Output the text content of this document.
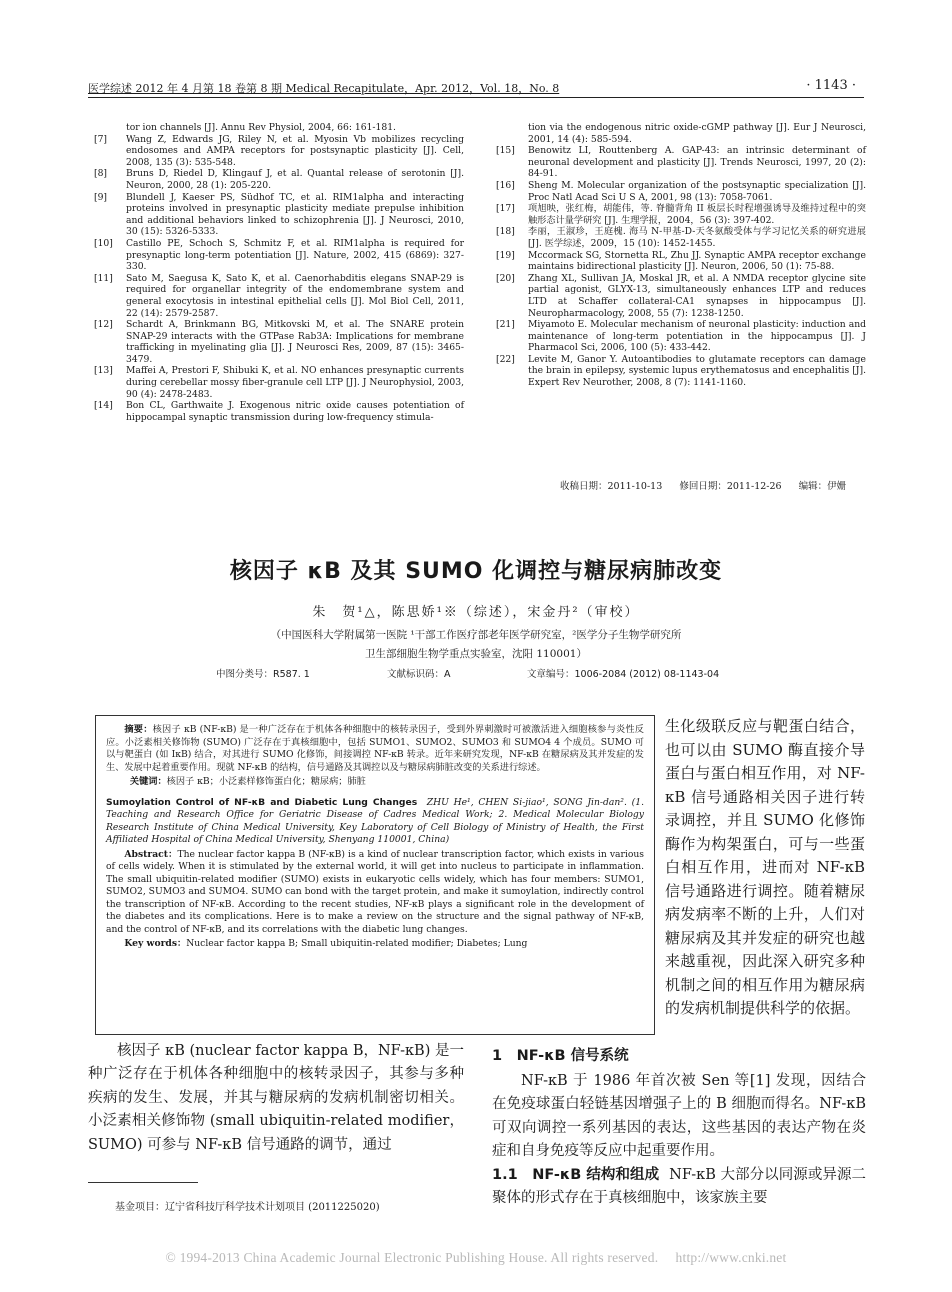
医学综述 2012 年 4 月第 18 卷第 8 期 Medical Recapitulate，Apr. 2012，Vol. 18，No. 8	· 1143 ·
tor ion channels [J]. Annu Rev Physiol, 2004, 66: 161-181.
[7] Wang Z, Edwards JG, Riley N, et al. Myosin Vb mobilizes recycling endosomes and AMPA receptors for postsynaptic plasticity [J]. Cell, 2008, 135 (3): 535-548.
[8] Bruns D, Riedel D, Klingauf J, et al. Quantal release of serotonin [J]. Neuron, 2000, 28 (1): 205-220.
[9] Blundell J, Kaeser PS, Südhof TC, et al. RIM1alpha and interacting proteins involved in presynaptic plasticity mediate prepulse inhibition and additional behaviors linked to schizophrenia [J]. J Neurosci, 2010, 30 (15): 5326-5333.
[10] Castillo PE, Schoch S, Schmitz F, et al. RIM1alpha is required for presynaptic long-term potentiation [J]. Nature, 2002, 415 (6869): 327-330.
[11] Sato M, Saegusa K, Sato K, et al. Caenorhabditis elegans SNAP-29 is required for organellar integrity of the endomembrane system and general exocytosis in intestinal epithelial cells [J]. Mol Biol Cell, 2011, 22 (14): 2579-2587.
[12] Schardt A, Brinkmann BG, Mitkovski M, et al. The SNARE protein SNAP-29 interacts with the GTPase Rab3A: Implications for membrane trafficking in myelinating glia [J]. J Neurosci Res, 2009, 87 (15): 3465-3479.
[13] Maffei A, Prestori F, Shibuki K, et al. NO enhances presynaptic currents during cerebellar mossy fiber-granule cell LTP [J]. J Neurophysiol, 2003, 90 (4): 2478-2483.
[14] Bon CL, Garthwaite J. Exogenous nitric oxide causes potentiation of hippocampal synaptic transmission during low-frequency stimula-
tion via the endogenous nitric oxide-cGMP pathway [J]. Eur J Neurosci, 2001, 14 (4): 585-594.
[15] Benowitz LI, Routtenberg A. GAP-43: an intrinsic determinant of neuronal development and plasticity [J]. Trends Neurosci, 1997, 20 (2): 84-91.
[16] Sheng M. Molecular organization of the postsynaptic specialization [J]. Proc Natl Acad Sci U S A, 2001, 98 (13): 7058-7061.
[17] 项旭映，张红梅，胡能伟，等. 脊髓背角 II 板层长时程增强诱导及维持过程中的突触形态计量学研究 [J]. 生理学报，2004，56 (3): 397-402.
[18] 李丽，王淑珍，王庭槐. 海马 N-甲基-D-天冬氨酸受体与学习记忆关系的研究进展 [J]. 医学综述，2009，15 (10): 1452-1455.
[19] Mccormack SG, Stornetta RL, Zhu JJ. Synaptic AMPA receptor exchange maintains bidirectional plasticity [J]. Neuron, 2006, 50 (1): 75-88.
[20] Zhang XL, Sullivan JA, Moskal JR, et al. A NMDA receptor glycine site partial agonist, GLYX-13, simultaneously enhances LTP and reduces LTD at Schaffer collateral-CA1 synapses in hippocampus [J]. Neuropharmacology, 2008, 55 (7): 1238-1250.
[21] Miyamoto E. Molecular mechanism of neuronal plasticity: induction and maintenance of long-term potentiation in the hippocampus [J]. J Pharmacol Sci, 2006, 100 (5): 433-442.
[22] Levite M, Ganor Y. Autoantibodies to glutamate receptors can damage the brain in epilepsy, systemic lupus erythematosus and encephalitis [J]. Expert Rev Neurother, 2008, 8 (7): 1141-1160.
收稿日期：2011-10-13 修回日期：2011-12-26 编辑：伊姗
核因子 κB 及其 SUMO 化调控与糖尿病肺改变
朱　贺¹△，陈思娇¹※（综述），宋金丹²（审校）
（中国医科大学附属第一医院 ¹干部工作医疗部老年医学研究室，²医学分子生物学研究所
卫生部细胞生物学重点实验室，沈阳 110001）
中图分类号：R587. 1	文献标识码：A	文章编号：1006-2084 (2012) 08-1143-04

摘要：核因子 κB (NF-κB) 是一种广泛存在于机体各种细胞中的核转录因子，受到外界刺激时可被激活进入细胞核参与炎性反应。小泛素相关修饰物 (SUMO) 广泛存在于真核细胞中，包括 SUMO1、SUMO2、SUMO3 和 SUMO4 4 个成员。SUMO 可以与靶蛋白 (如 IκB) 结合，对其进行 SUMO 化修饰，间接调控 NF-κB 转录。近年来研究发现，NF-κB 在糖尿病及其并发症的发生、发展中起着重要作用。现就 NF-κB 的结构，信号通路及其调控以及与糖尿病肺脏改变的关系进行综述。

关键词：核因子 κB；小泛素样修饰蛋白化；糖尿病；肺脏

Sumoylation Control of NF-κB and Diabetic Lung Changes ZHU He¹, CHEN Si-jiao¹, SONG Jin-dan². (1. Teaching and Research Office for Geriatric Disease of Cadres Medical Work; 2. Medical Molecular Biology Research Institute of China Medical University, Key Laboratory of Cell Biology of Ministry of Health, the First Affiliated Hospital of China Medical University, Shenyang 110001, China)

Abstract：The nuclear factor kappa B (NF-κB) is a kind of nuclear transcription factor, which exists in various of cells widely. When it is stimulated by the external world, it will get into nucleus to participate in inflammation. The small ubiquitin-related modifier (SUMO) exists in eukaryotic cells widely, which has four members: SUMO1, SUMO2, SUMO3 and SUMO4. SUMO can bond with the target protein, and make it sumoylation, indirectly control the transcription of NF-κB. According to the recent studies, NF-κB plays a significant role in the development of the diabetes and its complications. Here is to make a review on the structure and the signal pathway of NF-κB, and the control of NF-κB, and its correlations with the diabetic lung changes.

Key words：Nuclear factor kappa B; Small ubiquitin-related modifier; Diabetes; Lung

生化级联反应与靶蛋白结合，也可以由 SUMO 酶直接介导蛋白与蛋白相互作用，对 NF-κB 信号通路相关因子进行转录调控，并且 SUMO 化修饰酶作为构架蛋白，可与一些蛋白相互作用，进而对 NF-κB 信号通路进行调控。随着糖尿病发病率不断的上升，人们对糖尿病及其并发症的研究也越来越重视，因此深入研究多种机制之间的相互作用为糖尿病的发病机制提供科学的依据。
核因子 κB (nuclear factor kappa B，NF-κB) 是一种广泛存在于机体各种细胞中的核转录因子，其参与多种疾病的发生、发展，并其与糖尿病的发病机制密切相关。小泛素相关修饰物 (small ubiquitin-related modifier，SUMO) 可参与 NF-κB 信号通路的调节，通过
1　NF-κB 信号系统

NF-κB 于 1986 年首次被 Sen 等[1] 发现，因结合在免疫球蛋白轻链基因增强子上的 B 细胞而得名。NF-κB 可双向调控一系列基因的表达，这些基因的表达产物在炎症和自身免疫等反应中起重要作用。

1.1　NF-κB 结构和组成 NF-κB 大部分以同源或异源二聚体的形式存在于真核细胞中，该家族主要

基金项目：辽宁省科技厅科学技术计划项目 (2011225020)
© 1994-2013 China Academic Journal Electronic Publishing House. All rights reserved.　 http://www.cnki.net
